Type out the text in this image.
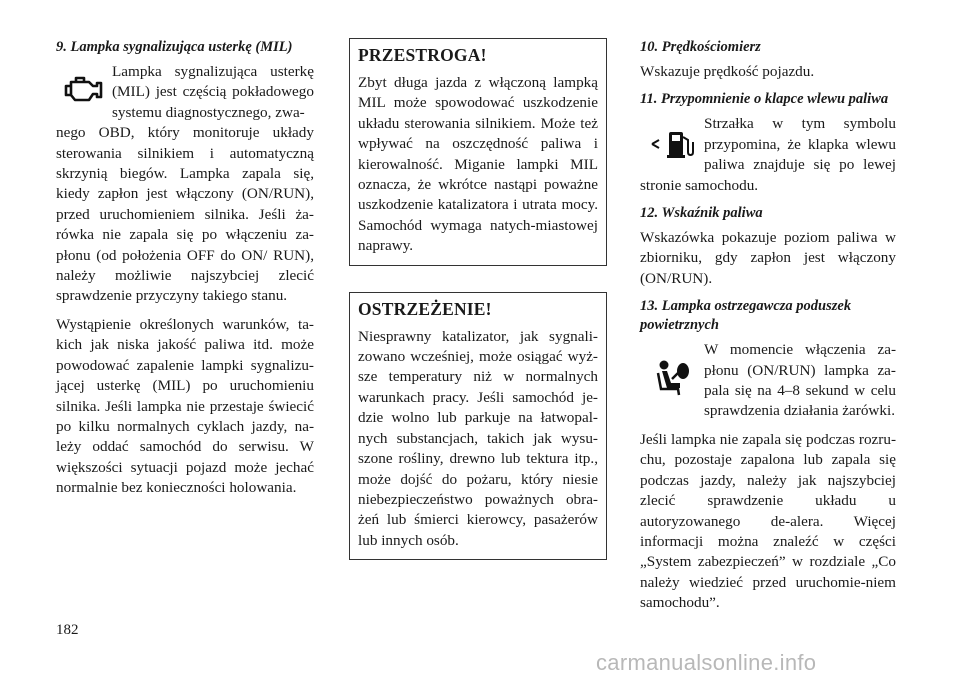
9. Lampka sygnalizująca usterkę (MIL)

Lampka sygnalizująca usterkę (MIL) jest częścią pokładowego systemu diagnostycznego, zwa-

nego OBD, który monitoruje układy sterowania silnikiem i automatyczną skrzynią biegów. Lampka zapala się, kiedy zapłon jest włączony (ON/RUN), przed uruchomieniem silnika. Jeśli ża-rówka nie zapala się po włączeniu za-płonu (od położenia OFF do ON/ RUN), należy możliwie najszybciej zlecić sprawdzenie przyczyny takiego stanu.

Wystąpienie określonych warunków, ta-kich jak niska jakość paliwa itd. może powodować zapalenie lampki sygnalizu-jącej usterkę (MIL) po uruchomieniu silnika. Jeśli lampka nie przestaje świecić po kilku normalnych cyklach jazdy, na-leży oddać samochód do serwisu. W większości sytuacji pojazd może jechać normalnie bez konieczności holowania.

PRZESTROGA!

Zbyt długa jazda z włączoną lampką MIL może spowodować uszkodzenie układu sterowania silnikiem. Może też wpływać na oszczędność paliwa i kierowalność. Miganie lampki MIL oznacza, że wkrótce nastąpi poważne uszkodzenie katalizatora i utrata mocy. Samochód wymaga natych-miastowej naprawy.

OSTRZEŻENIE!

Niesprawny katalizator, jak sygnali-zowano wcześniej, może osiągać wyż-sze temperatury niż w normalnych warunkach pracy. Jeśli samochód je-dzie wolno lub parkuje na łatwopal-nych substancjach, takich jak wysu-szone rośliny, drewno lub tektura itp., może dojść do pożaru, który niesie niebezpieczeństwo poważnych obra-żeń lub śmierci kierowcy, pasażerów lub innych osób.

10. Prędkościomierz

Wskazuje prędkość pojazdu.

11. Przypomnienie o klapce wlewu paliwa

Strzałka w tym symbolu przypomina, że klapka wlewu paliwa znajduje się po lewej stronie samochodu.

12. Wskaźnik paliwa

Wskazówka pokazuje poziom paliwa w zbiorniku, gdy zapłon jest włączony (ON/RUN).

13. Lampka ostrzegawcza poduszek powietrznych

W momencie włączenia za-płonu (ON/RUN) lampka za-pala się na 4–8 sekund w celu sprawdzenia działania żarówki.

Jeśli lampka nie zapala się podczas rozru-chu, pozostaje zapalona lub zapala się podczas jazdy, należy jak najszybciej zlecić sprawdzenie układu u autoryzowanego de-alera. Więcej informacji można znaleźć w części „System zabezpieczeń” w rozdziale „Co należy wiedzieć przed uruchomie-niem samochodu”.

182
carmanualsonline.info
